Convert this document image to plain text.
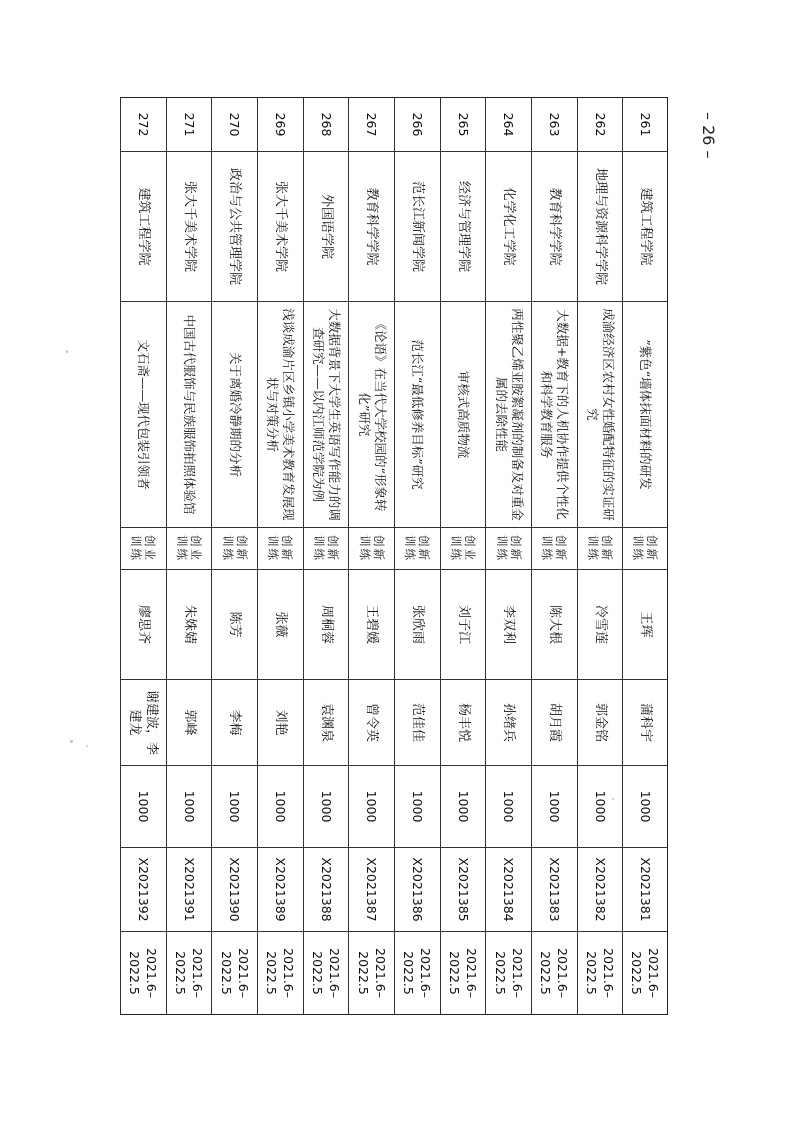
– 26 –
261
建筑工程学院
”紫色“墙体抹面材料的研发
创新训练
王珲
蒲科宇
1000
X2021381
2021.6–2022.5
262
地理与资源科学学院
成渝经济区农村女性婚配特征的实证研究
创新训练
冷雪莲
郭金铭
1000
X2021382
2021.6–2022.5
263
教育科学学院
大数据+教育下的人机协作提供个性化和科学教育服务
创新训练
陈大根
胡月霞
1000
X2021383
2021.6–2022.5
264
化学化工学院
两性聚乙烯亚胺絮凝剂的制备及对重金属的去除性能
创新训练
李双利
孙绪兵
1000
X2021384
2021.6–2022.5
265
经济与管理学院
审核式高质物流
创业训练
刘子江
杨丰悦
1000
X2021385
2021.6–2022.5
266
范长江新闻学院
范长江“最低修养目标”研究
创新训练
张欣雨
范佳佳
1000
X2021386
2021.6–2022.5
267
教育科学学院
《论语》在当代大学校园的“形象转化”研究
创新训练
王碧媛
曾令英
1000
X2021387
2021.6–2022.5
268
外国语学院
大数据背景下大学生英语写作能力的调查研究——以内江师范学院为例
创新训练
周桐蓉
袁渊泉
1000
X2021388
2021.6–2022.5
269
张大千美术学院
浅谈成渝片区乡镇小学美术教育发展现状与对策分析
创新训练
张薇
刘艳
1000
X2021389
2021.6–2022.5
270
政治与公共管理学院
关于离婚冷静期的分析
创新训练
陈芳
李梅
1000
X2021390
2021.6–2022.5
271
张大千美术学院
中国古代服饰与民族服饰拍照体验馆
创业训练
朱姝婧
郭峰
1000
X2021391
2021.6–2022.5
272
建筑工程学院
文石斋——现代包装引领者
创业训练
廖思齐
谢建波，李建龙
1000
X2021392
2021.6–2022.5
